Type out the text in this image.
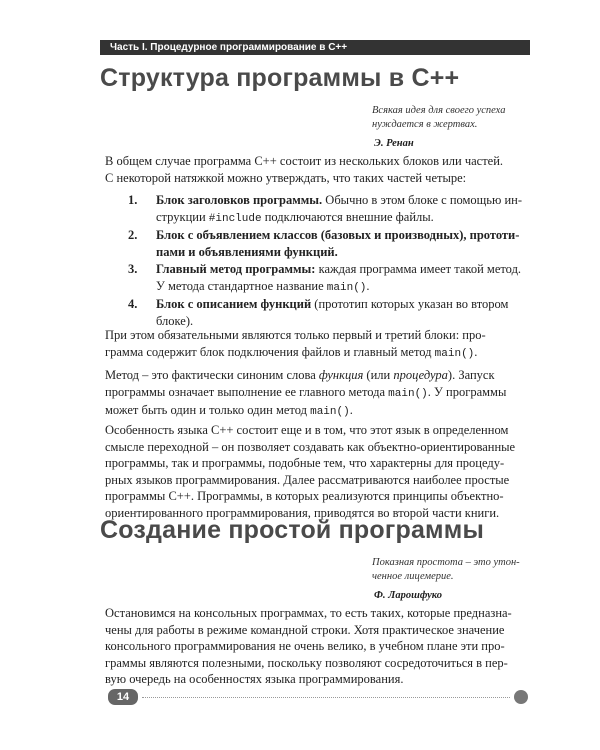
Часть I. Процедурное программирование в C++
Структура программы в C++
Всякая идея для своего успеха
нуждается в жертвах.
Э. Ренан
В общем случае программа C++ состоит из нескольких блоков или частей.
С некоторой натяжкой можно утверждать, что таких частей четыре:
1. Блок заголовков программы. Обычно в этом блоке с помощью ин-
струкции #include подключаются внешние файлы.
2. Блок с объявлением классов (базовых и производных), прототи-
пами и объявлениями функций.
3. Главный метод программы: каждая программа имеет такой метод.
У метода стандартное название main().
4. Блок с описанием функций (прототип которых указан во втором
блоке).
При этом обязательными являются только первый и третий блоки: про-
грамма содержит блок подключения файлов и главный метод main().
Метод – это фактически синоним слова функция (или процедура). Запуск
программы означает выполнение ее главного метода main(). У программы
может быть один и только один метод main().
Особенность языка C++ состоит еще и в том, что этот язык в определенном
смысле переходной – он позволяет создавать как объектно-ориентированные
программы, так и программы, подобные тем, что характерны для процеду-
рных языков программирования. Далее рассматриваются наиболее простые
программы C++. Программы, в которых реализуются принципы объектно-
ориентированного программирования, приводятся во второй части книги.
Создание простой программы
Показная простота – это утон-
ченное лицемерие.
Ф. Ларошфуко
Остановимся на консольных программах, то есть таких, которые предназна-
чены для работы в режиме командной строки. Хотя практическое значение
консольного программирования не очень велико, в учебном плане эти про-
граммы являются полезными, поскольку позволяют сосредоточиться в пер-
вую очередь на особенностях языка программирования.
14
